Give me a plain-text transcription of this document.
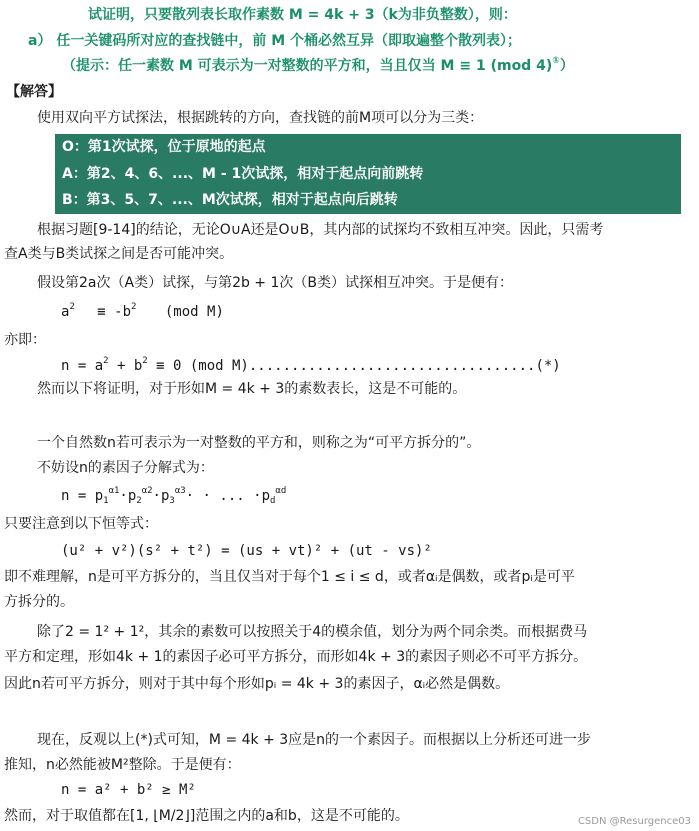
试证明，只要散列表长取作素数 M = 4k + 3（k为非负整数），则：
a） 任一关键码所对应的查找链中，前 M 个桶必然互异（即取遍整个散列表）；
（提示：任一素数 M 可表示为一对整数的平方和，当且仅当 M ≡ 1 (mod 4)①）
【解答】
使用双向平方试探法，根据跳转的方向，查找链的前M项可以分为三类：
O：第1次试探，位于原地的起点
A：第2、4、6、...、M - 1次试探，相对于起点向前跳转
B：第3、5、7、...、M次试探，相对于起点向后跳转
根据习题[9-14]的结论，无论O∪A还是O∪B，其内部的试探均不致相互冲突。因此，只需考
查A类与B类试探之间是否可能冲突。
假设第2a次（A类）试探，与第2b + 1次（B类）试探相互冲突。于是便有：
$a^2 \equiv -b^2$ (mod M)
亦即：
$n = a^2 + b^2 \equiv 0$ (mod M)..................................(*)
然而以下将证明，对于形如M = 4k + 3的素数表长，这是不可能的。
一个自然数n若可表示为一对整数的平方和，则称之为“可平方拆分的”。
不妨设n的素因子分解式为：
$n = p_1^{\alpha 1}\cdot p_2^{\alpha 2}\cdot p_3^{\alpha 3}\cdot$ · ... $\cdot p_d^{\alpha d}$
只要注意到以下恒等式：
(u² + v²)(s² + t²) = (us + vt)² + (ut - vs)²
即不难理解，n是可平方拆分的，当且仅当对于每个1 ≤ i ≤ d，或者αᵢ是偶数，或者pᵢ是可平
方拆分的。
除了2 = 1² + 1²，其余的素数可以按照关于4的模余值，划分为两个同余类。而根据费马
平方和定理，形如4k + 1的素因子必可平方拆分，而形如4k + 3的素因子则必不可平方拆分。
因此n若可平方拆分，则对于其中每个形如pᵢ = 4k + 3的素因子，αᵢ必然是偶数。
现在，反观以上(*)式可知，M = 4k + 3应是n的一个素因子。而根据以上分析还可进一步
推知，n必然能被M²整除。于是便有：
n = a² + b² ≥ M²
然而，对于取值都在[1, ⌊M/2⌋]范围之内的a和b，这是不可能的。	CSDN @Resurgence03
